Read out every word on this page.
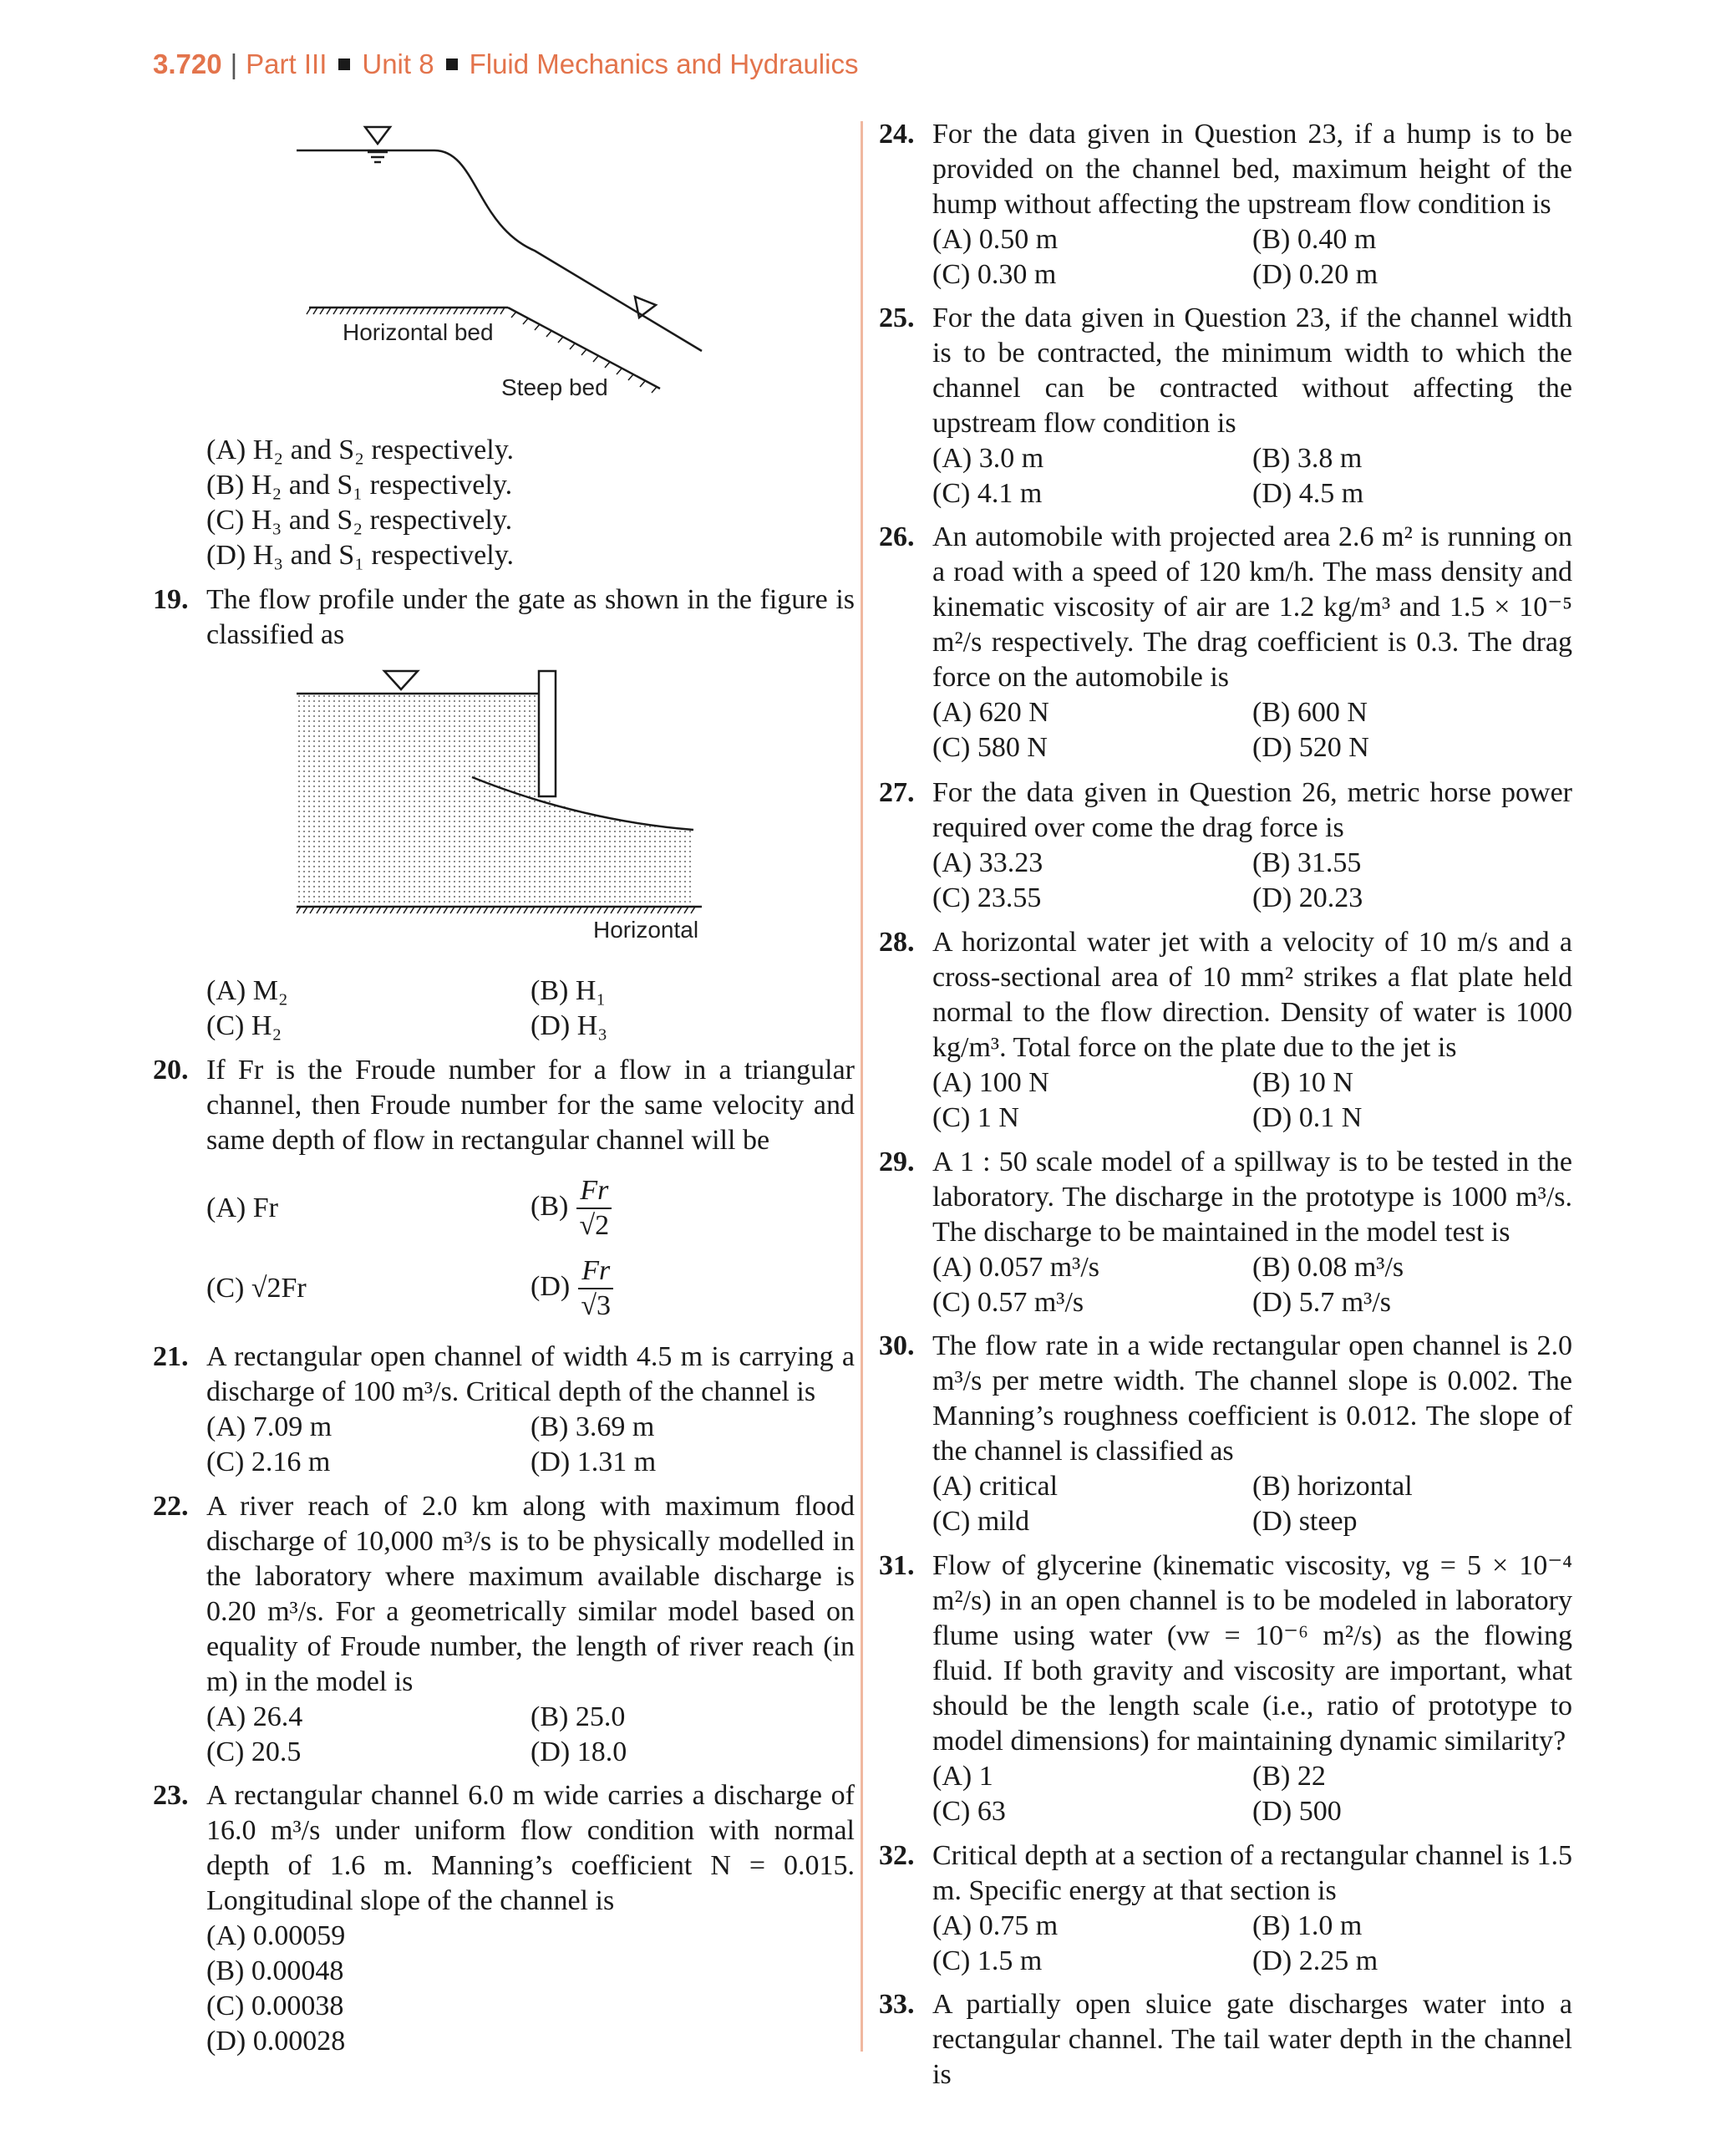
3.720 | Part III Unit 8 Fluid Mechanics and Hydraulics
Horizontal bed
Steep bed
(A) H₂ and S₂ respectively.
(B) H₂ and S₁ respectively.
(C) H₃ and S₂ respectively.
(D) H₃ and S₁ respectively.
19. The flow profile under the gate as shown in the figure is classified as
Horizontal
(A) M₂	(B) H₁
(C) H₂	(D) H₃
20. If Fr is the Froude number for a flow in a triangular channel, then Froude number for the same velocity and same depth of flow in rectangular channel will be
(A) Fr	$(B) \frac{Fr}{√2}$
(C) √2Fr	$(D) \frac{Fr}{√3}$
21. A rectangular open channel of width 4.5 m is carrying a discharge of 100 m³/s. Critical depth of the channel is
(A) 7.09 m	(B) 3.69 m
(C) 2.16 m	(D) 1.31 m
22. A river reach of 2.0 km along with maximum flood discharge of 10,000 m³/s is to be physically modelled in the laboratory where maximum available discharge is 0.20 m³/s. For a geometrically similar model based on equality of Froude number, the length of river reach (in m) in the model is
(A) 26.4	(B) 25.0
(C) 20.5	(D) 18.0
23. A rectangular channel 6.0 m wide carries a discharge of 16.0 m³/s under uniform flow condition with normal depth of 1.6 m. Manning’s coefficient N = 0.015. Longitudinal slope of the channel is
(A) 0.00059
(B) 0.00048
(C) 0.00038
(D) 0.00028
24. For the data given in Question 23, if a hump is to be provided on the channel bed, maximum height of the hump without affecting the upstream flow condition is
(A) 0.50 m	(B) 0.40 m
(C) 0.30 m	(D) 0.20 m
25. For the data given in Question 23, if the channel width is to be contracted, the minimum width to which the channel can be contracted without affecting the upstream flow condition is
(A) 3.0 m	(B) 3.8 m
(C) 4.1 m	(D) 4.5 m
26. An automobile with projected area 2.6 m² is running on a road with a speed of 120 km/h. The mass density and kinematic viscosity of air are 1.2 kg/m³ and 1.5 × 10⁻⁵ m²/s respectively. The drag coefficient is 0.3. The drag force on the automobile is
(A) 620 N	(B) 600 N
(C) 580 N	(D) 520 N
27. For the data given in Question 26, metric horse power required over come the drag force is
(A) 33.23	(B) 31.55
(C) 23.55	(D) 20.23
28. A horizontal water jet with a velocity of 10 m/s and a cross-sectional area of 10 mm² strikes a flat plate held normal to the flow direction. Density of water is 1000 kg/m³. Total force on the plate due to the jet is
(A) 100 N	(B) 10 N
(C) 1 N	(D) 0.1 N
29. A 1 : 50 scale model of a spillway is to be tested in the laboratory. The discharge in the prototype is 1000 m³/s. The discharge to be maintained in the model test is
(A) 0.057 m³/s	(B) 0.08 m³/s
(C) 0.57 m³/s	(D) 5.7 m³/s
30. The flow rate in a wide rectangular open channel is 2.0 m³/s per metre width. The channel slope is 0.002. The Manning’s roughness coefficient is 0.012. The slope of the channel is classified as
(A) critical	(B) horizontal
(C) mild	(D) steep
31. Flow of glycerine (kinematic viscosity, νg = 5 × 10⁻⁴ m²/s) in an open channel is to be modeled in laboratory flume using water (νw = 10⁻⁶ m²/s) as the flowing fluid. If both gravity and viscosity are important, what should be the length scale (i.e., ratio of prototype to model dimensions) for maintaining dynamic similarity?
(A) 1	(B) 22
(C) 63	(D) 500
32. Critical depth at a section of a rectangular channel is 1.5 m. Specific energy at that section is
(A) 0.75 m	(B) 1.0 m
(C) 1.5 m	(D) 2.25 m
33. A partially open sluice gate discharges water into a rectangular channel. The tail water depth in the channel is
